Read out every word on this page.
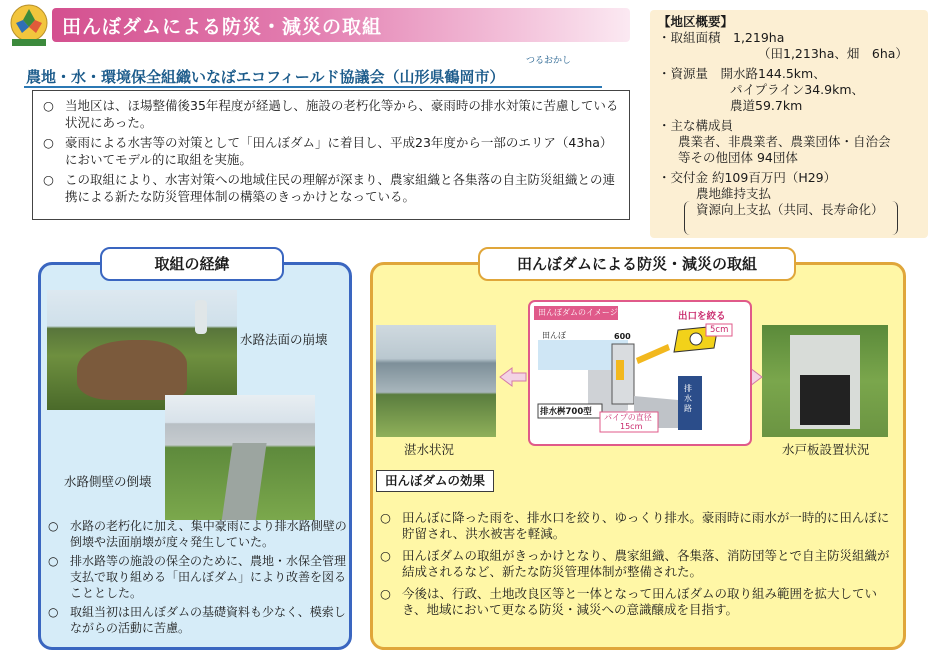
田んぼダムによる防災・減災の取組
つるおかし
農地・水・環境保全組織いなぼエコフィールド協議会（山形県鶴岡市）
○ 当地区は、ほ場整備後35年程度が経過し、施設の老朽化等から、豪雨時の排水対策に苦慮している状況にあった。
○ 豪雨による水害等の対策として「田んぼダム」に着目し、平成23年度から一部のエリア（43ha）においてモデル的に取組を実施。
○ この取組により、水害対策への地域住民の理解が深まり、農家組織と各集落の自主防災組織との連携による新たな防災管理体制の構築のきっかけとなっている。
【地区概要】
・取組面積　1,219ha
（田1,213ha、畑　6ha）
・資源量　開水路144.5km、
パイプライン34.9km、
農道59.7km
・主な構成員
農業者、非農業者、農業団体・自治会
等その他団体 94団体
・交付金 約109百万円（H29）
農地維持支払
資源向上支払（共同、長寿命化）
取組の経緯
水路法面の崩壊
水路側壁の倒壊
○ 水路の老朽化に加え、集中豪雨により排水路側壁の倒壊や法面崩壊が度々発生していた。
○ 排水路等の施設の保全のために、農地・水保全管理支払で取り組める「田んぼダム」により改善を図ることとした。
○ 取組当初は田んぼダムの基礎資料も少なく、模索しながらの活動に苦慮。
田んぼダムによる防災・減災の取組
湛水状況	水戸板設置状況
田んぼダムのイメージ	出口を絞る
5cm
田んぼ	600
排水桝700型
パイプの直径
15cm
排水路
田んぼダムの効果
○ 田んぼに降った雨を、排水口を絞り、ゆっくり排水。豪雨時に雨水が一時的に田んぼに貯留され、洪水被害を軽減。
○ 田んぼダムの取組がきっかけとなり、農家組織、各集落、消防団等とで自主防災組織が結成されるなど、新たな防災管理体制が整備された。
○ 今後は、行政、土地改良区等と一体となって田んぼダムの取り組み範囲を拡大していき、地域において更なる防災・減災への意識醸成を目指す。
